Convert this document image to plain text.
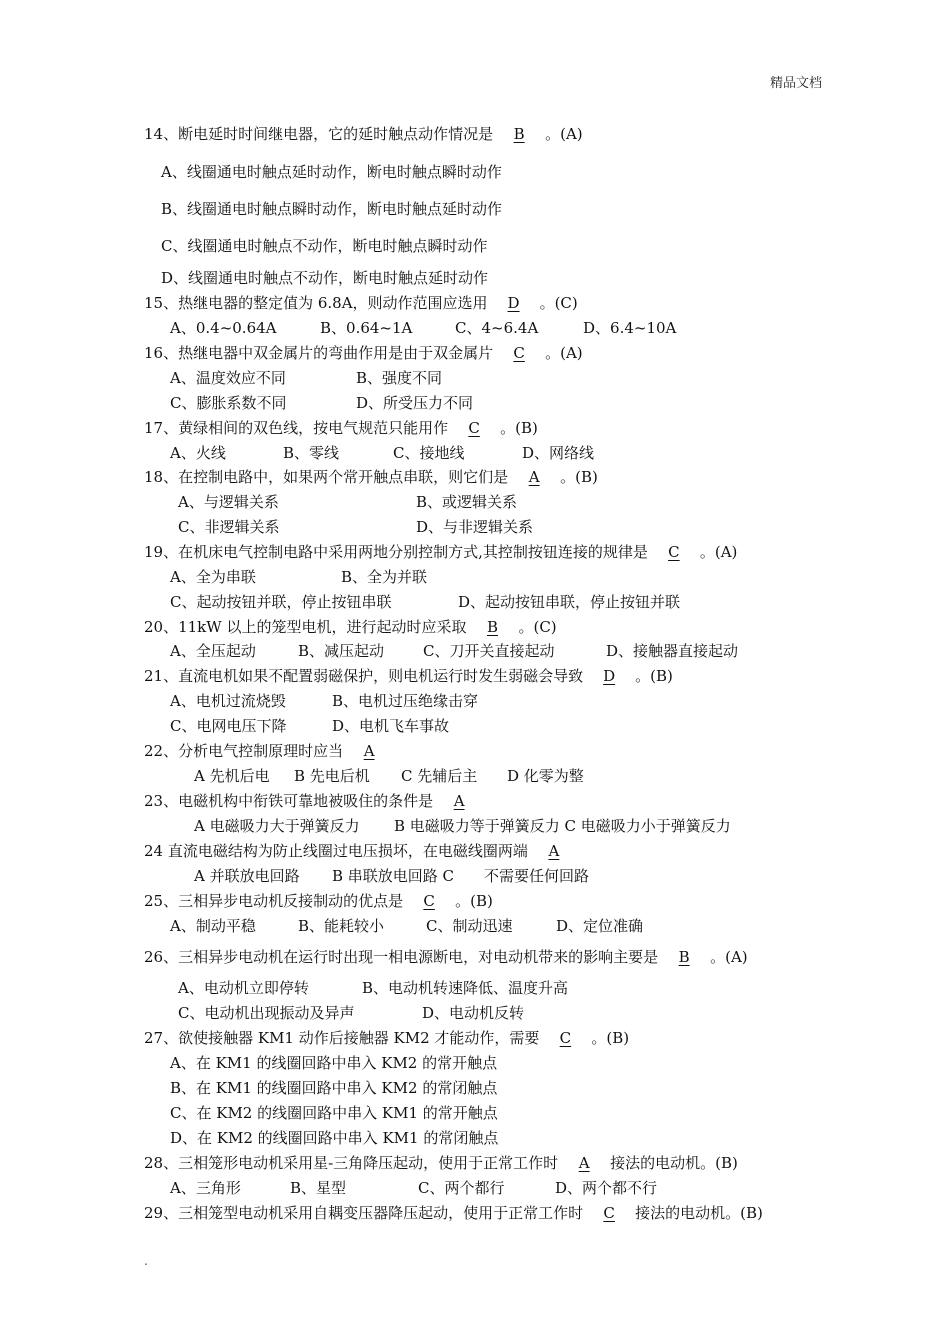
精品文档
14、断电延时时间继电器，它的延时触点动作情况是 B 。(A)
A、线圈通电时触点延时动作，断电时触点瞬时动作
B、线圈通电时触点瞬时动作，断电时触点延时动作
C、线圈通电时触点不动作，断电时触点瞬时动作
D、线圈通电时触点不动作，断电时触点延时动作
15、热继电器的整定值为 6.8A，则动作范围应选用 D 。(C)
A、0.4~0.64A	B、0.64~1A	C、4~6.4A	D、6.4~10A
16、热继电器中双金属片的弯曲作用是由于双金属片 C 。(A)
A、温度效应不同	B、强度不同
C、膨胀系数不同	D、所受压力不同
17、黄绿相间的双色线，按电气规范只能用作 C 。(B)
A、火线	B、零线	C、接地线	D、网络线
18、在控制电路中，如果两个常开触点串联，则它们是 A 。(B)
A、与逻辑关系	B、或逻辑关系
C、非逻辑关系	D、与非逻辑关系
19、在机床电气控制电路中采用两地分别控制方式,其控制按钮连接的规律是 C 。(A)
A、全为串联	B、全为并联
C、起动按钮并联，停止按钮串联	D、起动按钮串联，停止按钮并联
20、11kW 以上的笼型电机，进行起动时应采取 B 。(C)
A、全压起动	B、减压起动	C、刀开关直接起动	D、接触器直接起动
21、直流电机如果不配置弱磁保护，则电机运行时发生弱磁会导致 D 。(B)
A、电机过流烧毁	B、电机过压绝缘击穿
C、电网电压下降	D、电机飞车事故
22、分析电气控制原理时应当 A
A 先机后电 B 先电后机 C 先辅后主 D 化零为整
23、电磁机构中衔铁可靠地被吸住的条件是 A
A 电磁吸力大于弹簧反力 B 电磁吸力等于弹簧反力 C 电磁吸力小于弹簧反力
24 直流电磁结构为防止线圈过电压损坏，在电磁线圈两端 A
A 并联放电回路 B 串联放电回路 C 不需要任何回路
25、三相异步电动机反接制动的优点是 C 。(B)
A、制动平稳	B、能耗较小	C、制动迅速	D、定位准确
26、三相异步电动机在运行时出现一相电源断电，对电动机带来的影响主要是 B 。(A)
A、电动机立即停转	B、电动机转速降低、温度升高
C、电动机出现振动及异声	D、电动机反转
27、欲使接触器 KM1 动作后接触器 KM2 才能动作，需要 C 。(B)
A、在 KM1 的线圈回路中串入 KM2 的常开触点
B、在 KM1 的线圈回路中串入 KM2 的常闭触点
C、在 KM2 的线圈回路中串入 KM1 的常开触点
D、在 KM2 的线圈回路中串入 KM1 的常闭触点
28、三相笼形电动机采用星-三角降压起动，使用于正常工作时 A 接法的电动机。(B)
A、三角形	B、星型	C、两个都行	D、两个都不行
29、三相笼型电动机采用自耦变压器降压起动，使用于正常工作时 C 接法的电动机。(B)
.
